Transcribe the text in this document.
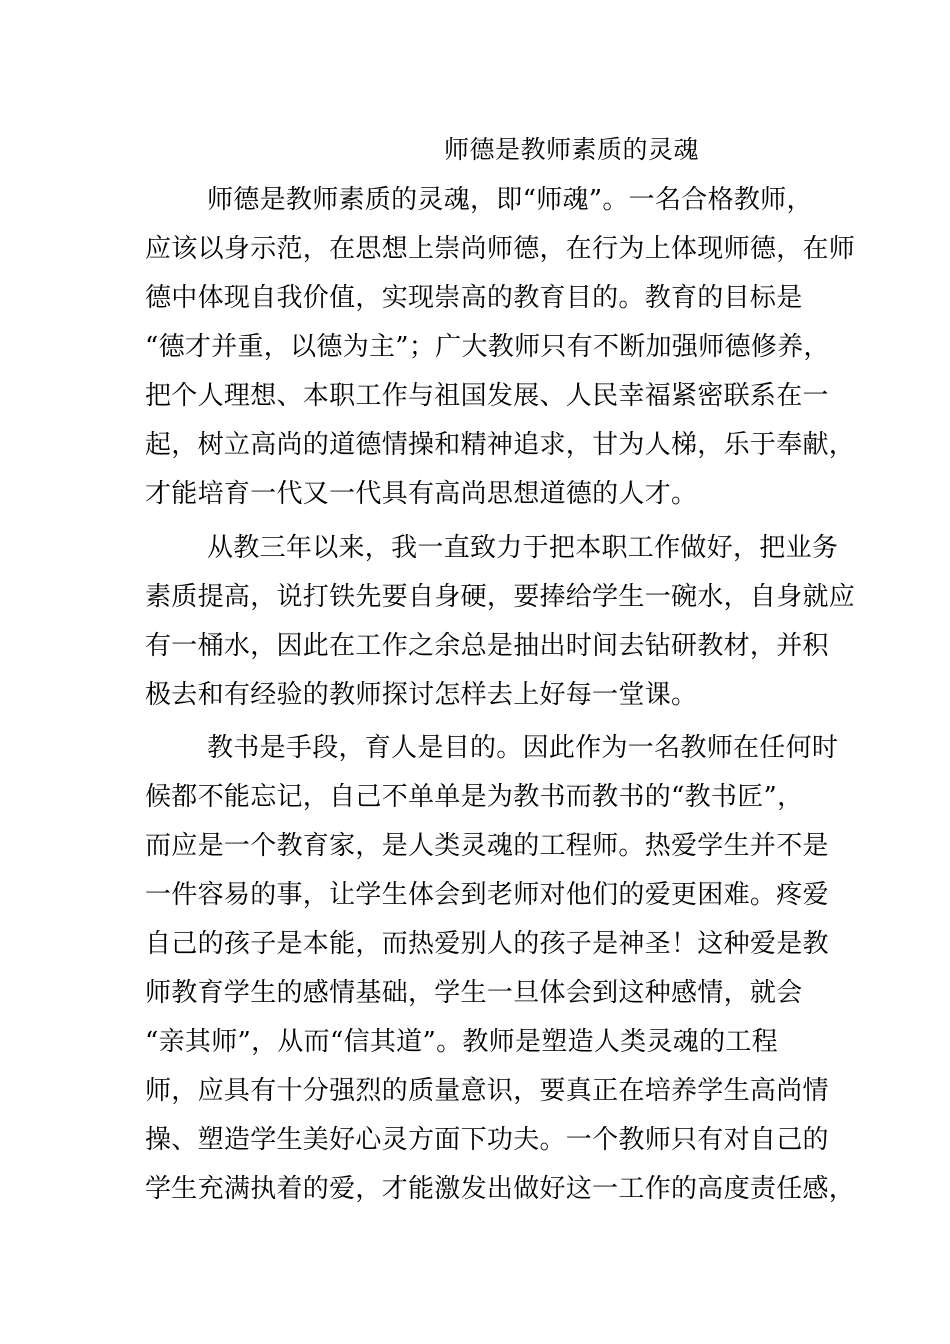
师德是教师素质的灵魂
师德是教师素质的灵魂，即“师魂”。一名合格教师，
应该以身示范，在思想上崇尚师德，在行为上体现师德，在师
德中体现自我价值，实现崇高的教育目的。教育的目标是
“德才并重，以德为主”；广大教师只有不断加强师德修养，
把个人理想、本职工作与祖国发展、人民幸福紧密联系在一
起，树立高尚的道德情操和精神追求，甘为人梯，乐于奉献，
才能培育一代又一代具有高尚思想道德的人才。
从教三年以来，我一直致力于把本职工作做好，把业务
素质提高，说打铁先要自身硬，要捧给学生一碗水，自身就应
有一桶水，因此在工作之余总是抽出时间去钻研教材，并积
极去和有经验的教师探讨怎样去上好每一堂课。
教书是手段，育人是目的。因此作为一名教师在任何时
候都不能忘记，自己不单单是为教书而教书的“教书匠”，
而应是一个教育家，是人类灵魂的工程师。热爱学生并不是
一件容易的事，让学生体会到老师对他们的爱更困难。疼爱
自己的孩子是本能，而热爱别人的孩子是神圣！这种爱是教
师教育学生的感情基础，学生一旦体会到这种感情，就会
“亲其师”，从而“信其道”。教师是塑造人类灵魂的工程
师，应具有十分强烈的质量意识，要真正在培养学生高尚情
操、塑造学生美好心灵方面下功夫。一个教师只有对自己的
学生充满执着的爱，才能激发出做好这一工作的高度责任感，
